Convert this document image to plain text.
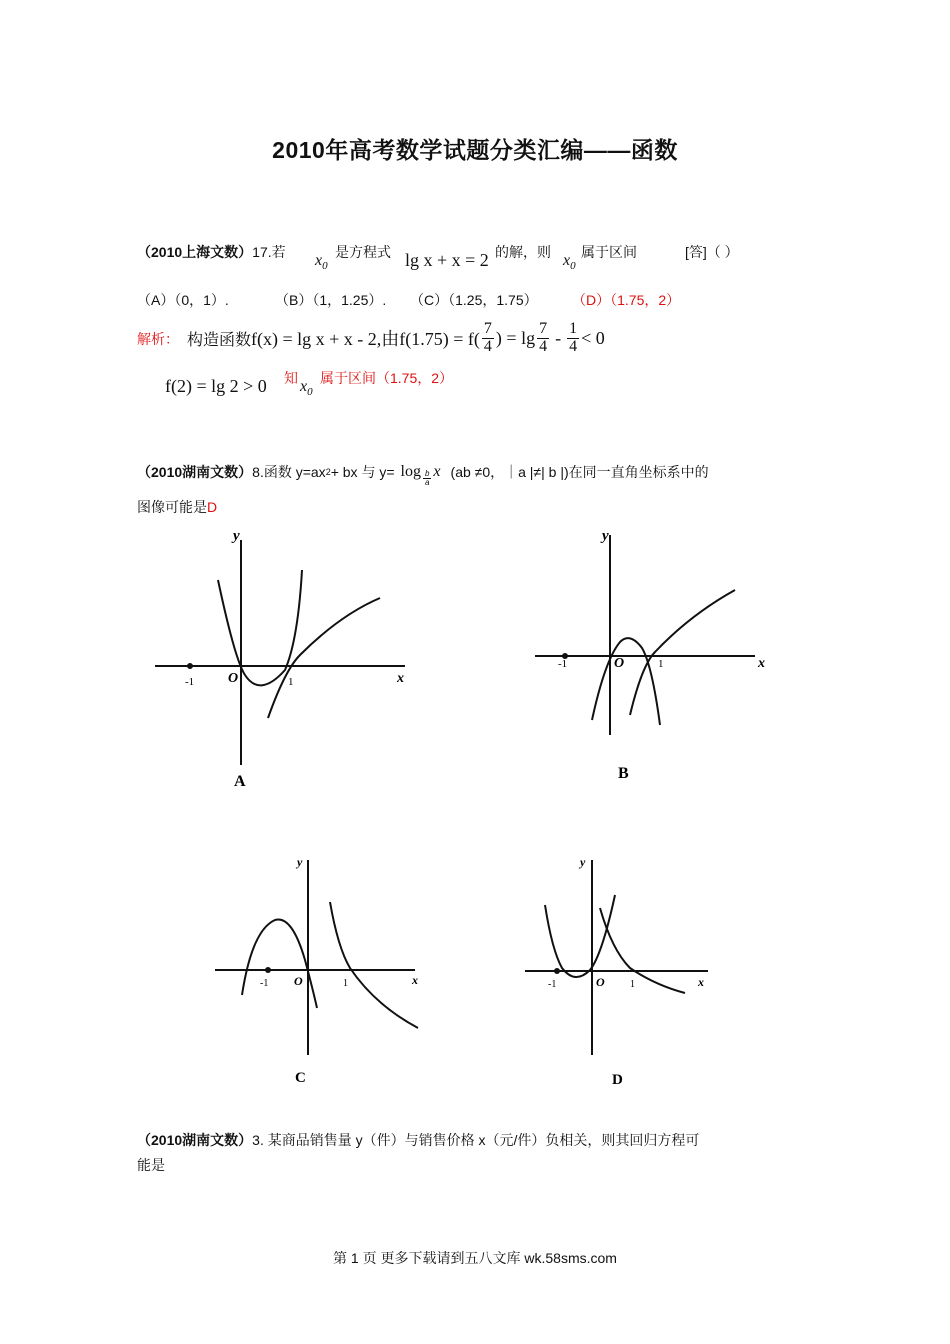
2010年高考数学试题分类汇编——函数
（2010上海文数）17.若 $x_0$
是方程式 lg x + x = 2 的解，则 $x_0$
属于区间	[答]（ ）
（A）（0，1）.	（B）（1，1.25）. （C）（1.25，1.75） （D）（1.75，2）
解析： 构造函数 f(x) = lg x + x - 2,由$f(1.75) = f( \frac{7}{4}$ ) = $\lg \frac{7}{4} - \frac{1}{4} < 0$
f(2) = lg 2 > 0 知 $x_0$
属于区间（1.75，2）
（2010湖南文数） 8.函数 y=ax 2 + bx 与 $y= \log \frac{b}{a}$ x (ab ≠0，｜a |≠| b |)在同一直角坐标系中的
图像可能是D
y
x
O
-1	1
A
y
x
O
-1	1
B
y
x
O
-1	1
C
y
x
O
-1	1
D
（2010湖南文数）3. 某商品销售量 y（件）与销售价格 x（元/件）负相关，则其回归方程可
能是
第 1 页 更多下载请到五八文库 wk.58sms.com
